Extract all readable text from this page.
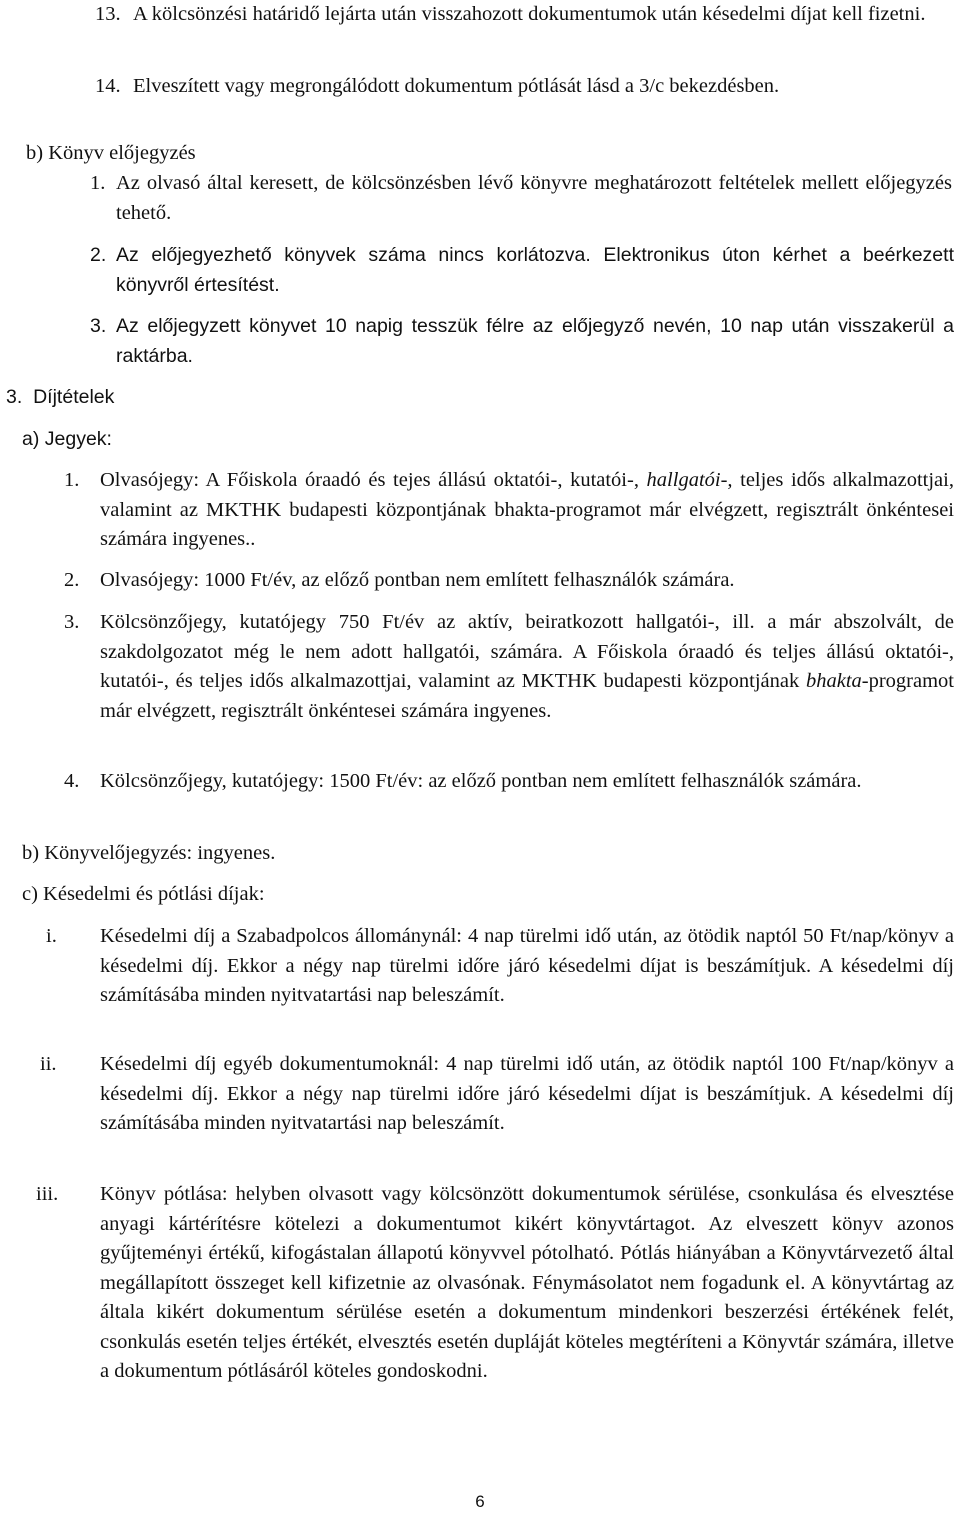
13. A kölcsönzési határidő lejárta után visszahozott dokumentumok után késedelmi díjat kell fizetni.
14. Elveszített vagy megrongálódott dokumentum pótlását lásd a 3/c bekezdésben.
b) Könyv előjegyzés
1. Az olvasó által keresett, de kölcsönzésben lévő könyvre meghatározott feltételek mellett előjegyzés tehető.
2. Az előjegyezhető könyvek száma nincs korlátozva. Elektronikus úton kérhet a beérkezett könyvről értesítést.
3. Az előjegyzett könyvet 10 napig tesszük félre az előjegyző nevén, 10 nap után visszakerül a raktárba.
3.  Díjtételek
a) Jegyek:
1. Olvasójegy: A Főiskola óraadó és tejes állású oktatói-, kutatói-, hallgatói-, teljes idős alkalmazottjai, valamint az MKTHK budapesti központjának bhakta-programot már elvégzett, regisztrált önkéntesei számára ingyenes..
2. Olvasójegy: 1000 Ft/év, az előző pontban nem említett felhasználók számára.
3. Kölcsönzőjegy, kutatójegy 750 Ft/év az aktív, beiratkozott hallgatói-, ill. a már abszolvált, de szakdolgozatot még le nem adott hallgatói, számára. A Főiskola óraadó és teljes állású oktatói-, kutatói-, és teljes idős alkalmazottjai, valamint az MKTHK budapesti központjának bhakta-programot már elvégzett, regisztrált önkéntesei számára ingyenes.
4. Kölcsönzőjegy, kutatójegy: 1500 Ft/év: az előző pontban nem említett felhasználók számára.
b) Könyvelőjegyzés: ingyenes.
c) Késedelmi és pótlási díjak:
i. Késedelmi díj a Szabadpolcos állománynál: 4 nap türelmi idő után, az ötödik naptól 50 Ft/nap/könyv a késedelmi díj. Ekkor a négy nap türelmi időre járó késedelmi díjat is beszámítjuk. A késedelmi díj számításába minden nyitvatartási nap beleszámít.
ii. Késedelmi díj egyéb dokumentumoknál: 4 nap türelmi idő után, az ötödik naptól 100 Ft/nap/könyv a késedelmi díj. Ekkor a négy nap türelmi időre járó késedelmi díjat is beszámítjuk. A késedelmi díj számításába minden nyitvatartási nap beleszámít.
iii. Könyv pótlása: helyben olvasott vagy kölcsönzött dokumentumok sérülése, csonkulása és elvesztése anyagi kártérítésre kötelezi a dokumentumot kikért könyvtártagot. Az elveszett könyv azonos gyűjteményi értékű, kifogástalan állapotú könyvvel pótolható. Pótlás hiányában a Könyvtárvezető által megállapított összeget kell kifizetnie az olvasónak. Fénymásolatot nem fogadunk el. A könyvtártag az általa kikért dokumentum sérülése esetén a dokumentum mindenkori beszerzési értékének felét, csonkulás esetén teljes értékét, elvesztés esetén dupláját köteles megtéríteni a Könyvtár számára, illetve a dokumentum pótlásáról köteles gondoskodni.
6
